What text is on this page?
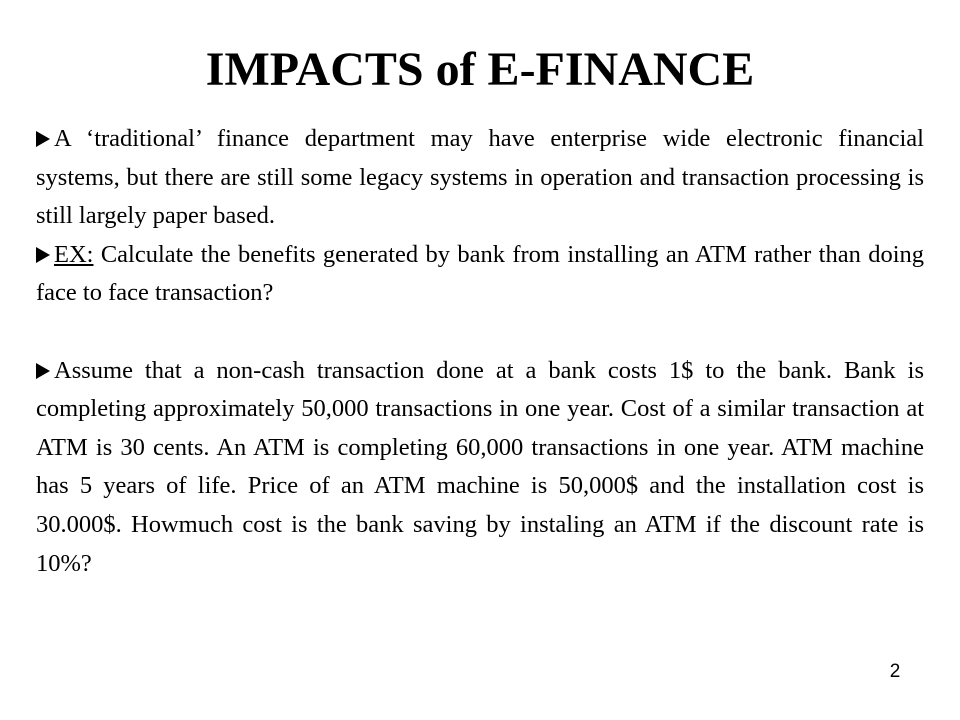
IMPACTS of E-FINANCE

A ‘traditional’ finance department may have enterprise wide electronic financial systems, but there are still some legacy systems in operation and transaction processing is still largely paper based.

EX: Calculate the benefits generated by bank from installing an ATM rather than doing face to face transaction?

Assume that a non-cash transaction done at a bank costs 1$ to the bank. Bank is completing approximately 50,000 transactions in one year. Cost of a similar transaction at ATM is 30 cents. An ATM is completing 60,000 transactions in one year. ATM machine has 5 years of life. Price of an ATM machine is 50,000$ and the installation cost is 30.000$. Howmuch cost is the bank saving by instaling an ATM if the discount rate is 10%?

2
